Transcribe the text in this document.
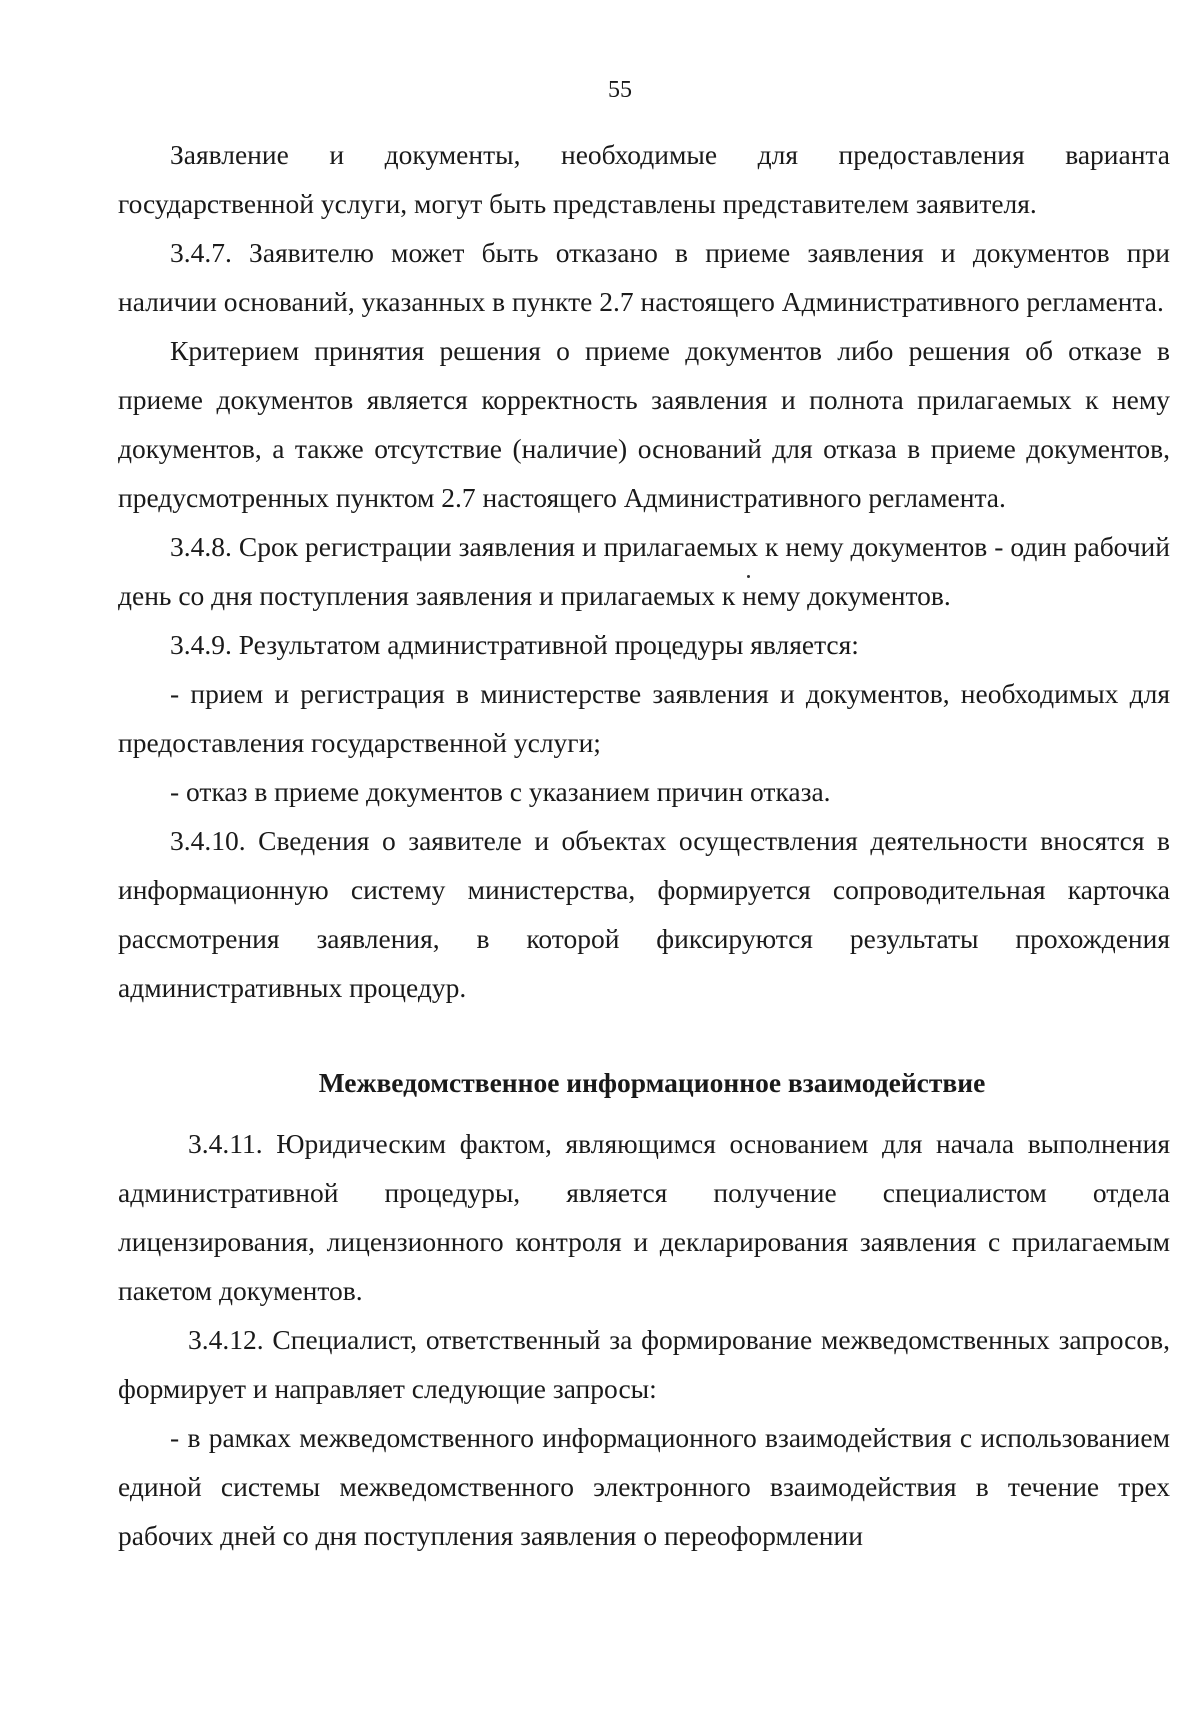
55

Заявление и документы, необходимые для предоставления варианта государственной услуги, могут быть представлены представителем заявителя.

3.4.7. Заявителю может быть отказано в приеме заявления и документов при наличии оснований, указанных в пункте 2.7 настоящего Административного регламента.

Критерием принятия решения о приеме документов либо решения об отказе в приеме документов является корректность заявления и полнота прилагаемых к нему документов, а также отсутствие (наличие) оснований для отказа в приеме документов, предусмотренных пунктом 2.7 настоящего Административного регламента.

3.4.8. Срок регистрации заявления и прилагаемых к нему документов - один рабочий день со дня поступления заявления и прилагаемых к нему документов.

3.4.9. Результатом административной процедуры является:

- прием и регистрация в министерстве заявления и документов, необходимых для предоставления государственной услуги;

- отказ в приеме документов с указанием причин отказа.

3.4.10. Сведения о заявителе и объектах осуществления деятельности вносятся в информационную систему министерства, формируется сопроводительная карточка рассмотрения заявления, в которой фиксируются результаты прохождения административных процедур.

Межведомственное информационное взаимодействие

3.4.11. Юридическим фактом, являющимся основанием для начала выполнения административной процедуры, является получение специалистом отдела лицензирования, лицензионного контроля и декларирования заявления с прилагаемым пакетом документов.

3.4.12. Специалист, ответственный за формирование межведомственных запросов, формирует и направляет следующие запросы:

- в рамках межведомственного информационного взаимодействия с использованием единой системы межведомственного электронного взаимодействия в течение трех рабочих дней со дня поступления заявления о переоформлении
